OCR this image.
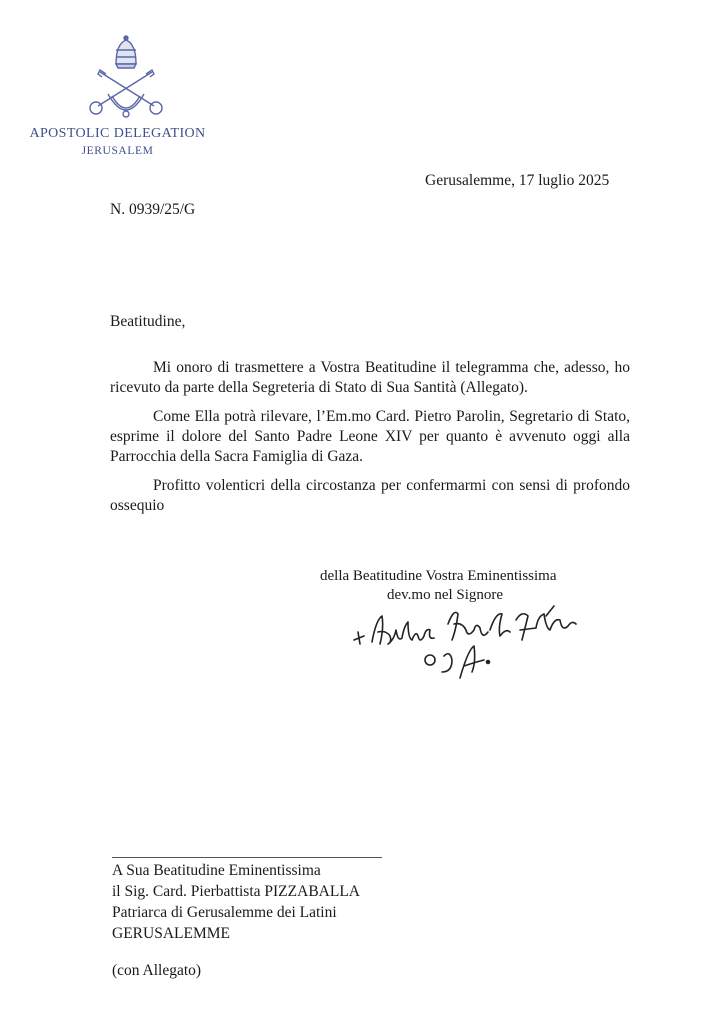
APOSTOLIC DELEGATION
JERUSALEM
Gerusalemme, 17 luglio 2025
N. 0939/25/G
Beatitudine,

Mi onoro di trasmettere a Vostra Beatitudine il telegramma che, adesso, ho ricevuto da parte della Segreteria di Stato di Sua Santità (Allegato).

Come Ella potrà rilevare, l’Em.mo Card. Pietro Parolin, Segretario di Stato, esprime il dolore del Santo Padre Leone XIV per quanto è avvenuto oggi alla Parrocchia della Sacra Famiglia di Gaza.

Profitto volenticri della circostanza per confermarmi con sensi di profondo ossequio

della Beatitudine Vostra Eminentissima
dev.mo nel Signore
A Sua Beatitudine Eminentissima
il Sig. Card. Pierbattista PIZZABALLA
Patriarca di Gerusalemme dei Latini
GERUSALEMME
(con Allegato)
